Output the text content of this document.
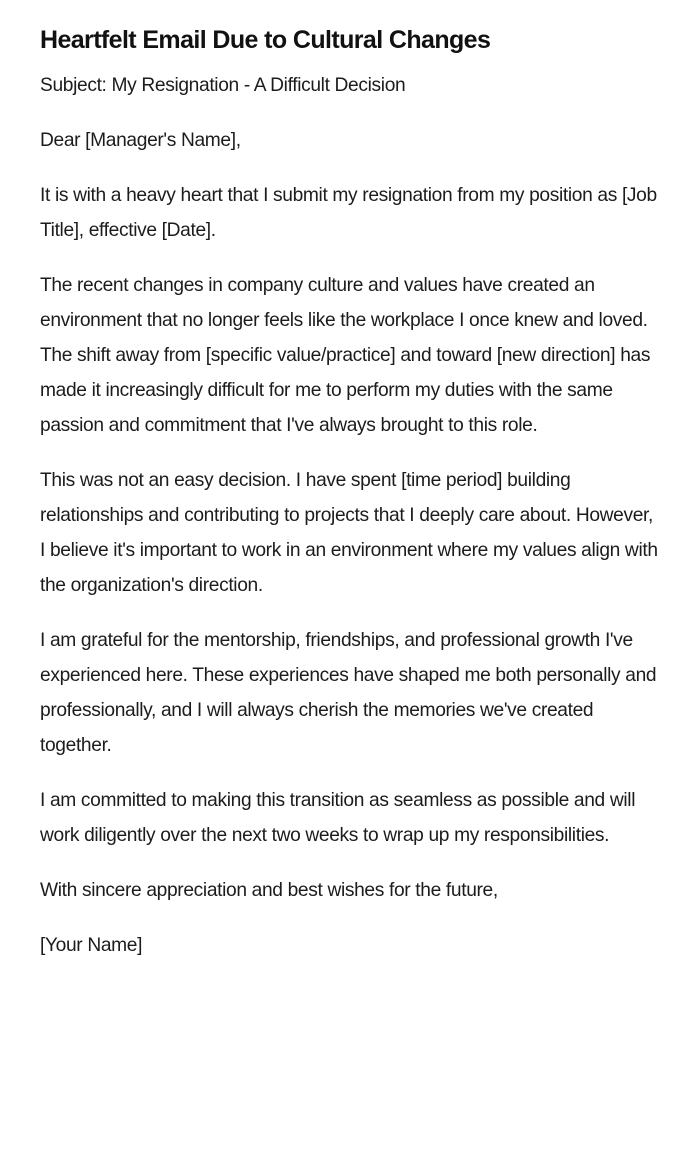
Heartfelt Email Due to Cultural Changes

Subject: My Resignation - A Difficult Decision

Dear [Manager's Name],

It is with a heavy heart that I submit my resignation from my position as [Job Title], effective [Date].

The recent changes in company culture and values have created an environment that no longer feels like the workplace I once knew and loved. The shift away from [specific value/practice] and toward [new direction] has made it increasingly difficult for me to perform my duties with the same passion and commitment that I've always brought to this role.

This was not an easy decision. I have spent [time period] building relationships and contributing to projects that I deeply care about. However, I believe it's important to work in an environment where my values align with the organization's direction.

I am grateful for the mentorship, friendships, and professional growth I've experienced here. These experiences have shaped me both personally and professionally, and I will always cherish the memories we've created together.

I am committed to making this transition as seamless as possible and will work diligently over the next two weeks to wrap up my responsibilities.

With sincere appreciation and best wishes for the future,

[Your Name]
